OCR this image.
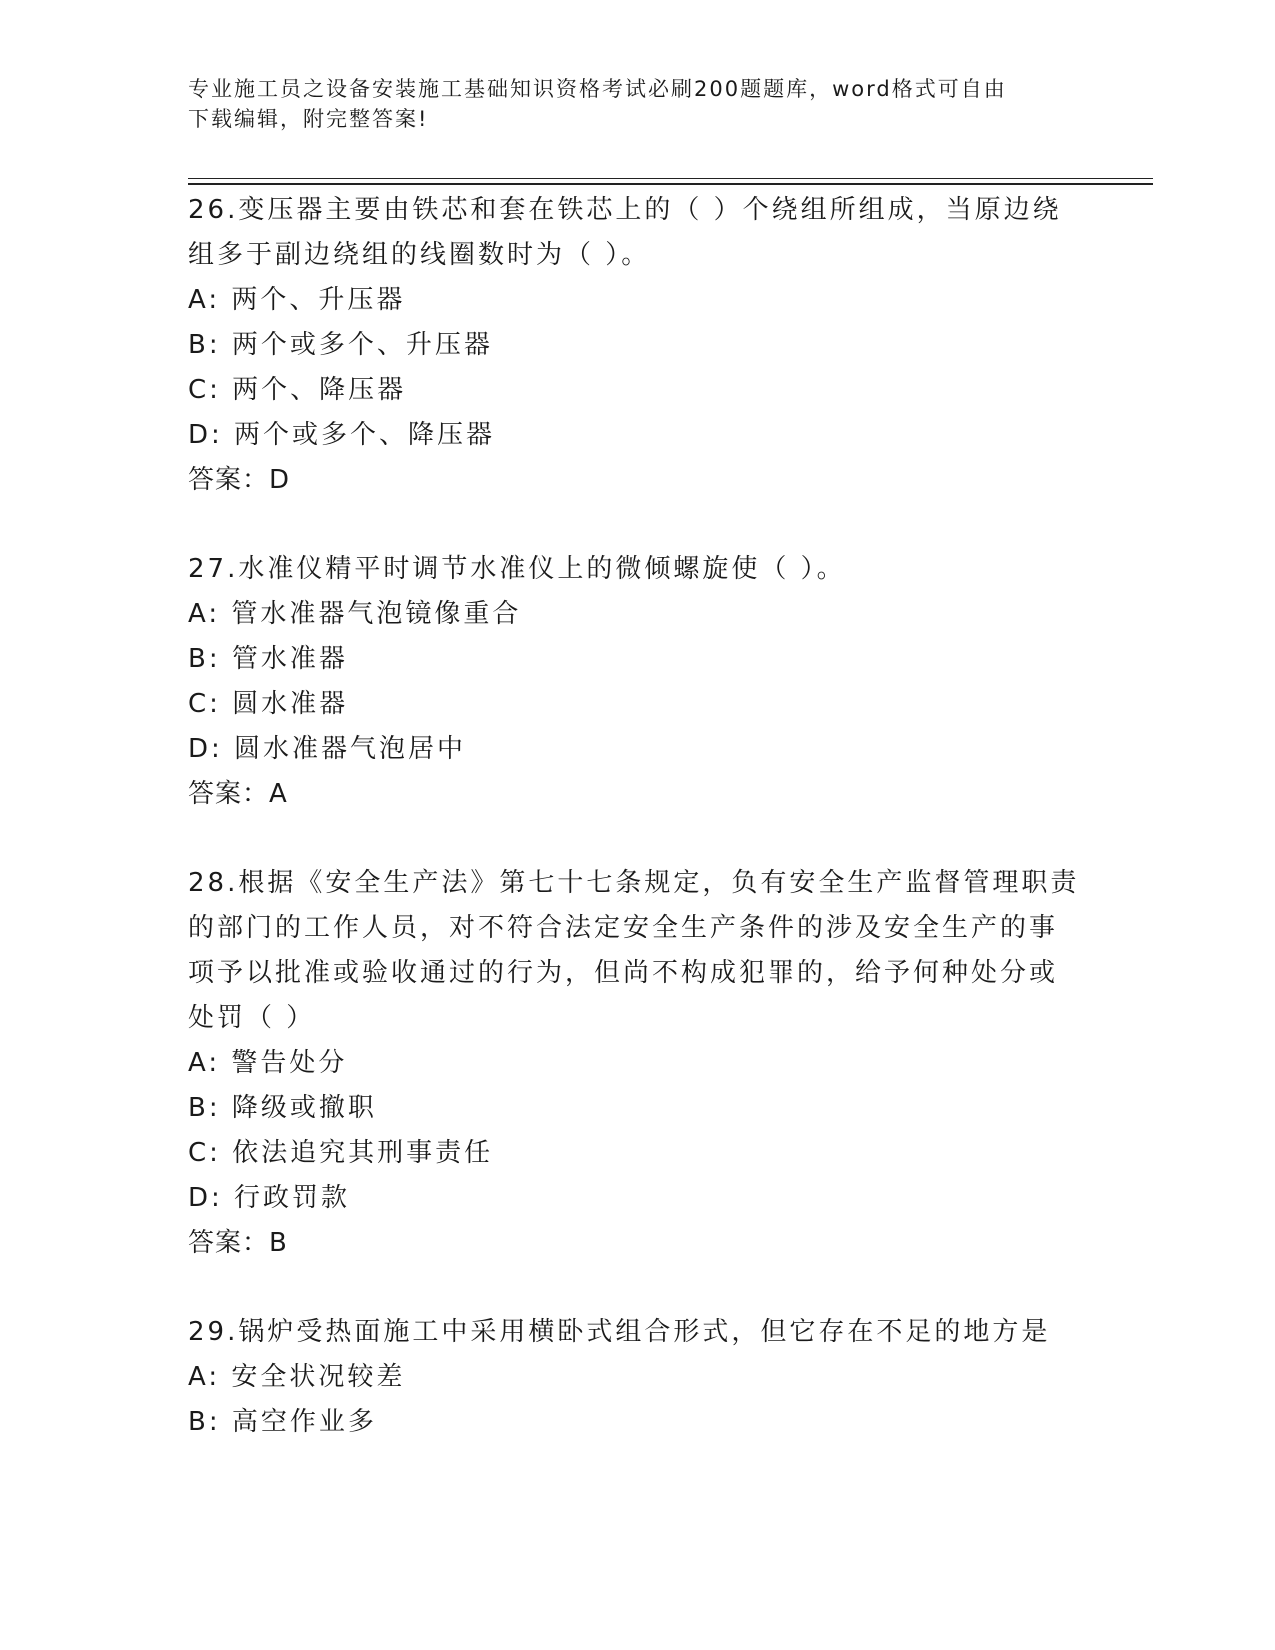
专业施工员之设备安装施工基础知识资格考试必刷200题题库，word格式可自由
下载编辑，附完整答案!
26.变压器主要由铁芯和套在铁芯上的（ ）个绕组所组成，当原边绕
组多于副边绕组的线圈数时为（ ）。
A: 两个、升压器
B: 两个或多个、升压器
C: 两个、降压器
D: 两个或多个、降压器
答案：D
27.水准仪精平时调节水准仪上的微倾螺旋使（ ）。
A: 管水准器气泡镜像重合
B: 管水准器
C: 圆水准器
D: 圆水准器气泡居中
答案：A
28.根据《安全生产法》第七十七条规定，负有安全生产监督管理职责
的部门的工作人员，对不符合法定安全生产条件的涉及安全生产的事
项予以批准或验收通过的行为，但尚不构成犯罪的，给予何种处分或
处罚（ ）
A: 警告处分
B: 降级或撤职
C: 依法追究其刑事责任
D: 行政罚款
答案：B
29.锅炉受热面施工中采用横卧式组合形式，但它存在不足的地方是
A: 安全状况较差
B: 高空作业多
